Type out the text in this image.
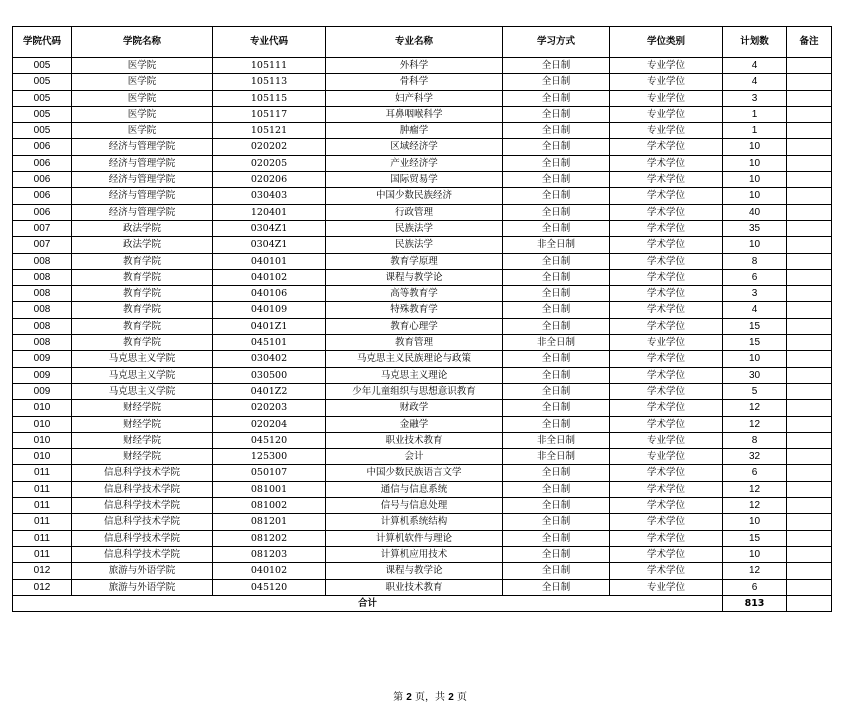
学院代码	学院名称	专业代码	专业名称	学习方式	学位类别	计划数	备注
005	医学院	105111	外科学	全日制	专业学位	4	
005	医学院	105113	骨科学	全日制	专业学位	4	
005	医学院	105115	妇产科学	全日制	专业学位	3	
005	医学院	105117	耳鼻咽喉科学	全日制	专业学位	1	
005	医学院	105121	肿瘤学	全日制	专业学位	1	
006	经济与管理学院	020202	区域经济学	全日制	学术学位	10	
006	经济与管理学院	020205	产业经济学	全日制	学术学位	10	
006	经济与管理学院	020206	国际贸易学	全日制	学术学位	10	
006	经济与管理学院	030403	中国少数民族经济	全日制	学术学位	10	
006	经济与管理学院	120401	行政管理	全日制	学术学位	40	
007	政法学院	0304Z1	民族法学	全日制	学术学位	35	
007	政法学院	0304Z1	民族法学	非全日制	学术学位	10	
008	教育学院	040101	教育学原理	全日制	学术学位	8	
008	教育学院	040102	课程与教学论	全日制	学术学位	6	
008	教育学院	040106	高等教育学	全日制	学术学位	3	
008	教育学院	040109	特殊教育学	全日制	学术学位	4	
008	教育学院	0401Z1	教育心理学	全日制	学术学位	15	
008	教育学院	045101	教育管理	非全日制	专业学位	15	
009	马克思主义学院	030402	马克思主义民族理论与政策	全日制	学术学位	10	
009	马克思主义学院	030500	马克思主义理论	全日制	学术学位	30	
009	马克思主义学院	0401Z2	少年儿童组织与思想意识教育	全日制	学术学位	5	
010	财经学院	020203	财政学	全日制	学术学位	12	
010	财经学院	020204	金融学	全日制	学术学位	12	
010	财经学院	045120	职业技术教育	非全日制	专业学位	8	
010	财经学院	125300	会计	非全日制	专业学位	32	
011	信息科学技术学院	050107	中国少数民族语言文学	全日制	学术学位	6	
011	信息科学技术学院	081001	通信与信息系统	全日制	学术学位	12	
011	信息科学技术学院	081002	信号与信息处理	全日制	学术学位	12	
011	信息科学技术学院	081201	计算机系统结构	全日制	学术学位	10	
011	信息科学技术学院	081202	计算机软件与理论	全日制	学术学位	15	
011	信息科学技术学院	081203	计算机应用技术	全日制	学术学位	10	
012	旅游与外语学院	040102	课程与教学论	全日制	学术学位	12	
012	旅游与外语学院	045120	职业技术教育	全日制	专业学位	6	
合计						813	
第 2 页，共 2 页
